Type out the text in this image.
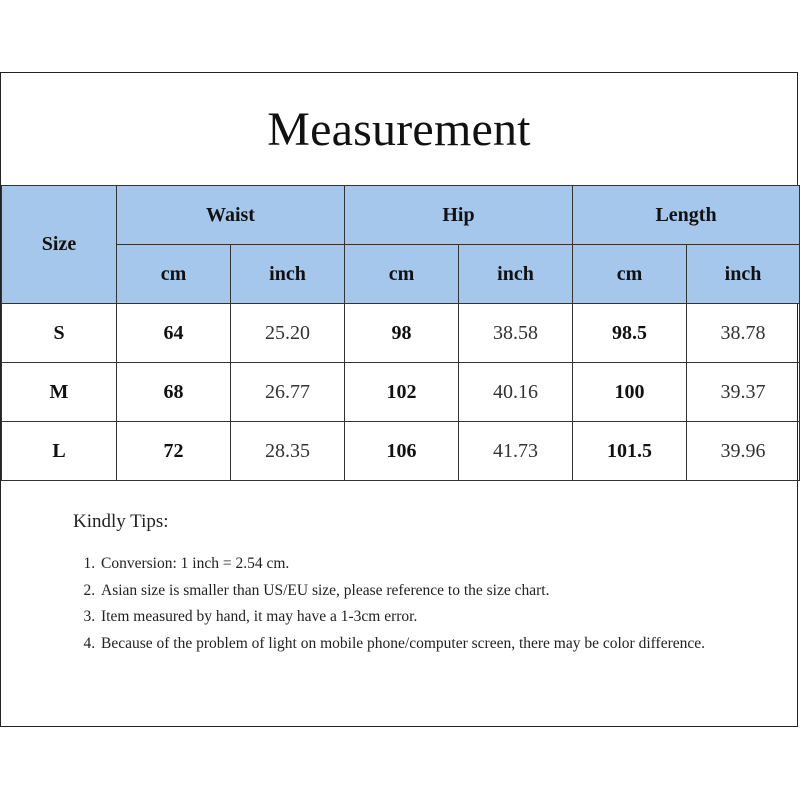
Measurement
Size	Waist		Hip		Length	
	cm	inch	cm	inch	cm	inch
S	64	25.20	98	38.58	98.5	38.78
M	68	26.77	102	40.16	100	39.37
L	72	28.35	106	41.73	101.5	39.96
Kindly Tips:
1. Conversion: 1 inch = 2.54 cm.
2. Asian size is smaller than US/EU size, please reference to the size chart.
3. Item measured by hand, it may have a 1-3cm error.
4. Because of the problem of light on mobile phone/computer screen, there may be color difference.
